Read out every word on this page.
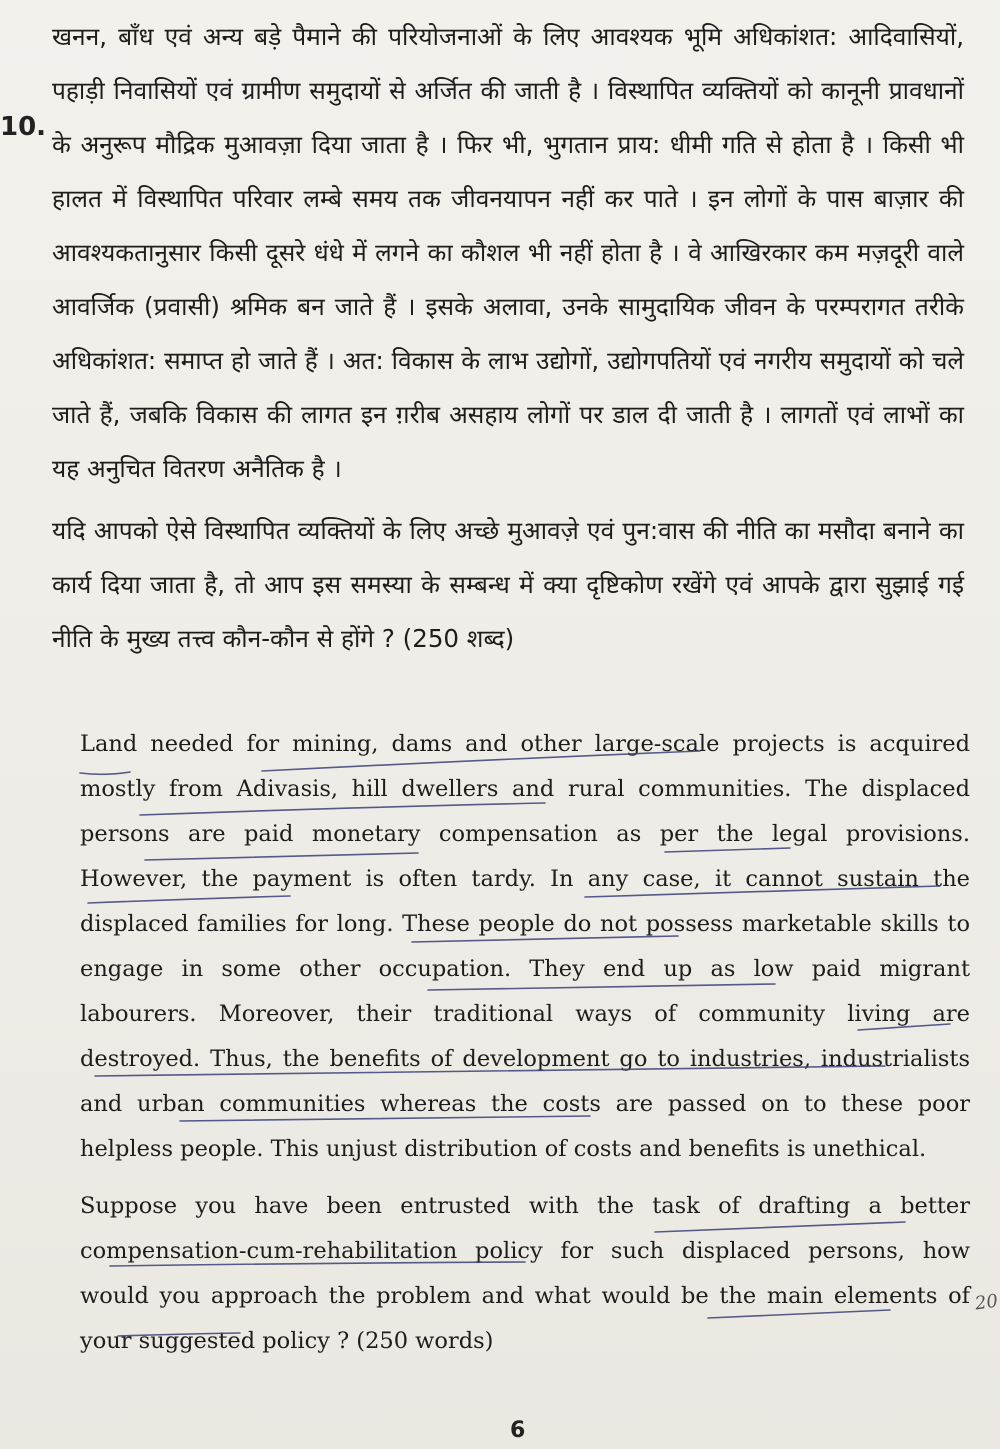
10.

खनन, बाँध एवं अन्य बड़े पैमाने की परियोजनाओं के लिए आवश्यक भूमि अधिकांशत: आदिवासियों, पहाड़ी निवासियों एवं ग्रामीण समुदायों से अर्जित की जाती है । विस्थापित व्यक्तियों को कानूनी प्रावधानों के अनुरूप मौद्रिक मुआवज़ा दिया जाता है । फिर भी, भुगतान प्राय: धीमी गति से होता है । किसी भी हालत में विस्थापित परिवार लम्बे समय तक जीवनयापन नहीं कर पाते । इन लोगों के पास बाज़ार की आवश्यकतानुसार किसी दूसरे धंधे में लगने का कौशल भी नहीं होता है । वे आखिरकार कम मज़दूरी वाले आवर्जिक (प्रवासी) श्रमिक बन जाते हैं । इसके अलावा, उनके सामुदायिक जीवन के परम्परागत तरीके अधिकांशत: समाप्त हो जाते हैं । अत: विकास के लाभ उद्योगों, उद्योगपतियों एवं नगरीय समुदायों को चले जाते हैं, जबकि विकास की लागत इन ग़रीब असहाय लोगों पर डाल दी जाती है । लागतों एवं लाभों का यह अनुचित वितरण अनैतिक है ।

यदि आपको ऐसे विस्थापित व्यक्तियों के लिए अच्छे मुआवज़े एवं पुन:वास की नीति का मसौदा बनाने का कार्य दिया जाता है, तो आप इस समस्या के सम्बन्ध में क्या दृष्टिकोण रखेंगे एवं आपके द्वारा सुझाई गई नीति के मुख्य तत्त्व कौन-कौन से होंगे ? (250 शब्द)

Land needed for mining, dams and other large-scale projects is acquired mostly from Adivasis, hill dwellers and rural communities. The displaced persons are paid monetary compensation as per the legal provisions. However, the payment is often tardy. In any case, it cannot sustain the displaced families for long. These people do not possess marketable skills to engage in some other occupation. They end up as low paid migrant labourers. Moreover, their traditional ways of community living are destroyed. Thus, the benefits of development go to industries, industrialists and urban communities whereas the costs are passed on to these poor helpless people. This unjust distribution of costs and benefits is unethical.

Suppose you have been entrusted with the task of drafting a better compensation-cum-rehabilitation policy for such displaced persons, how would you approach the problem and what would be the main elements of your suggested policy ? (250 words)

20
6
